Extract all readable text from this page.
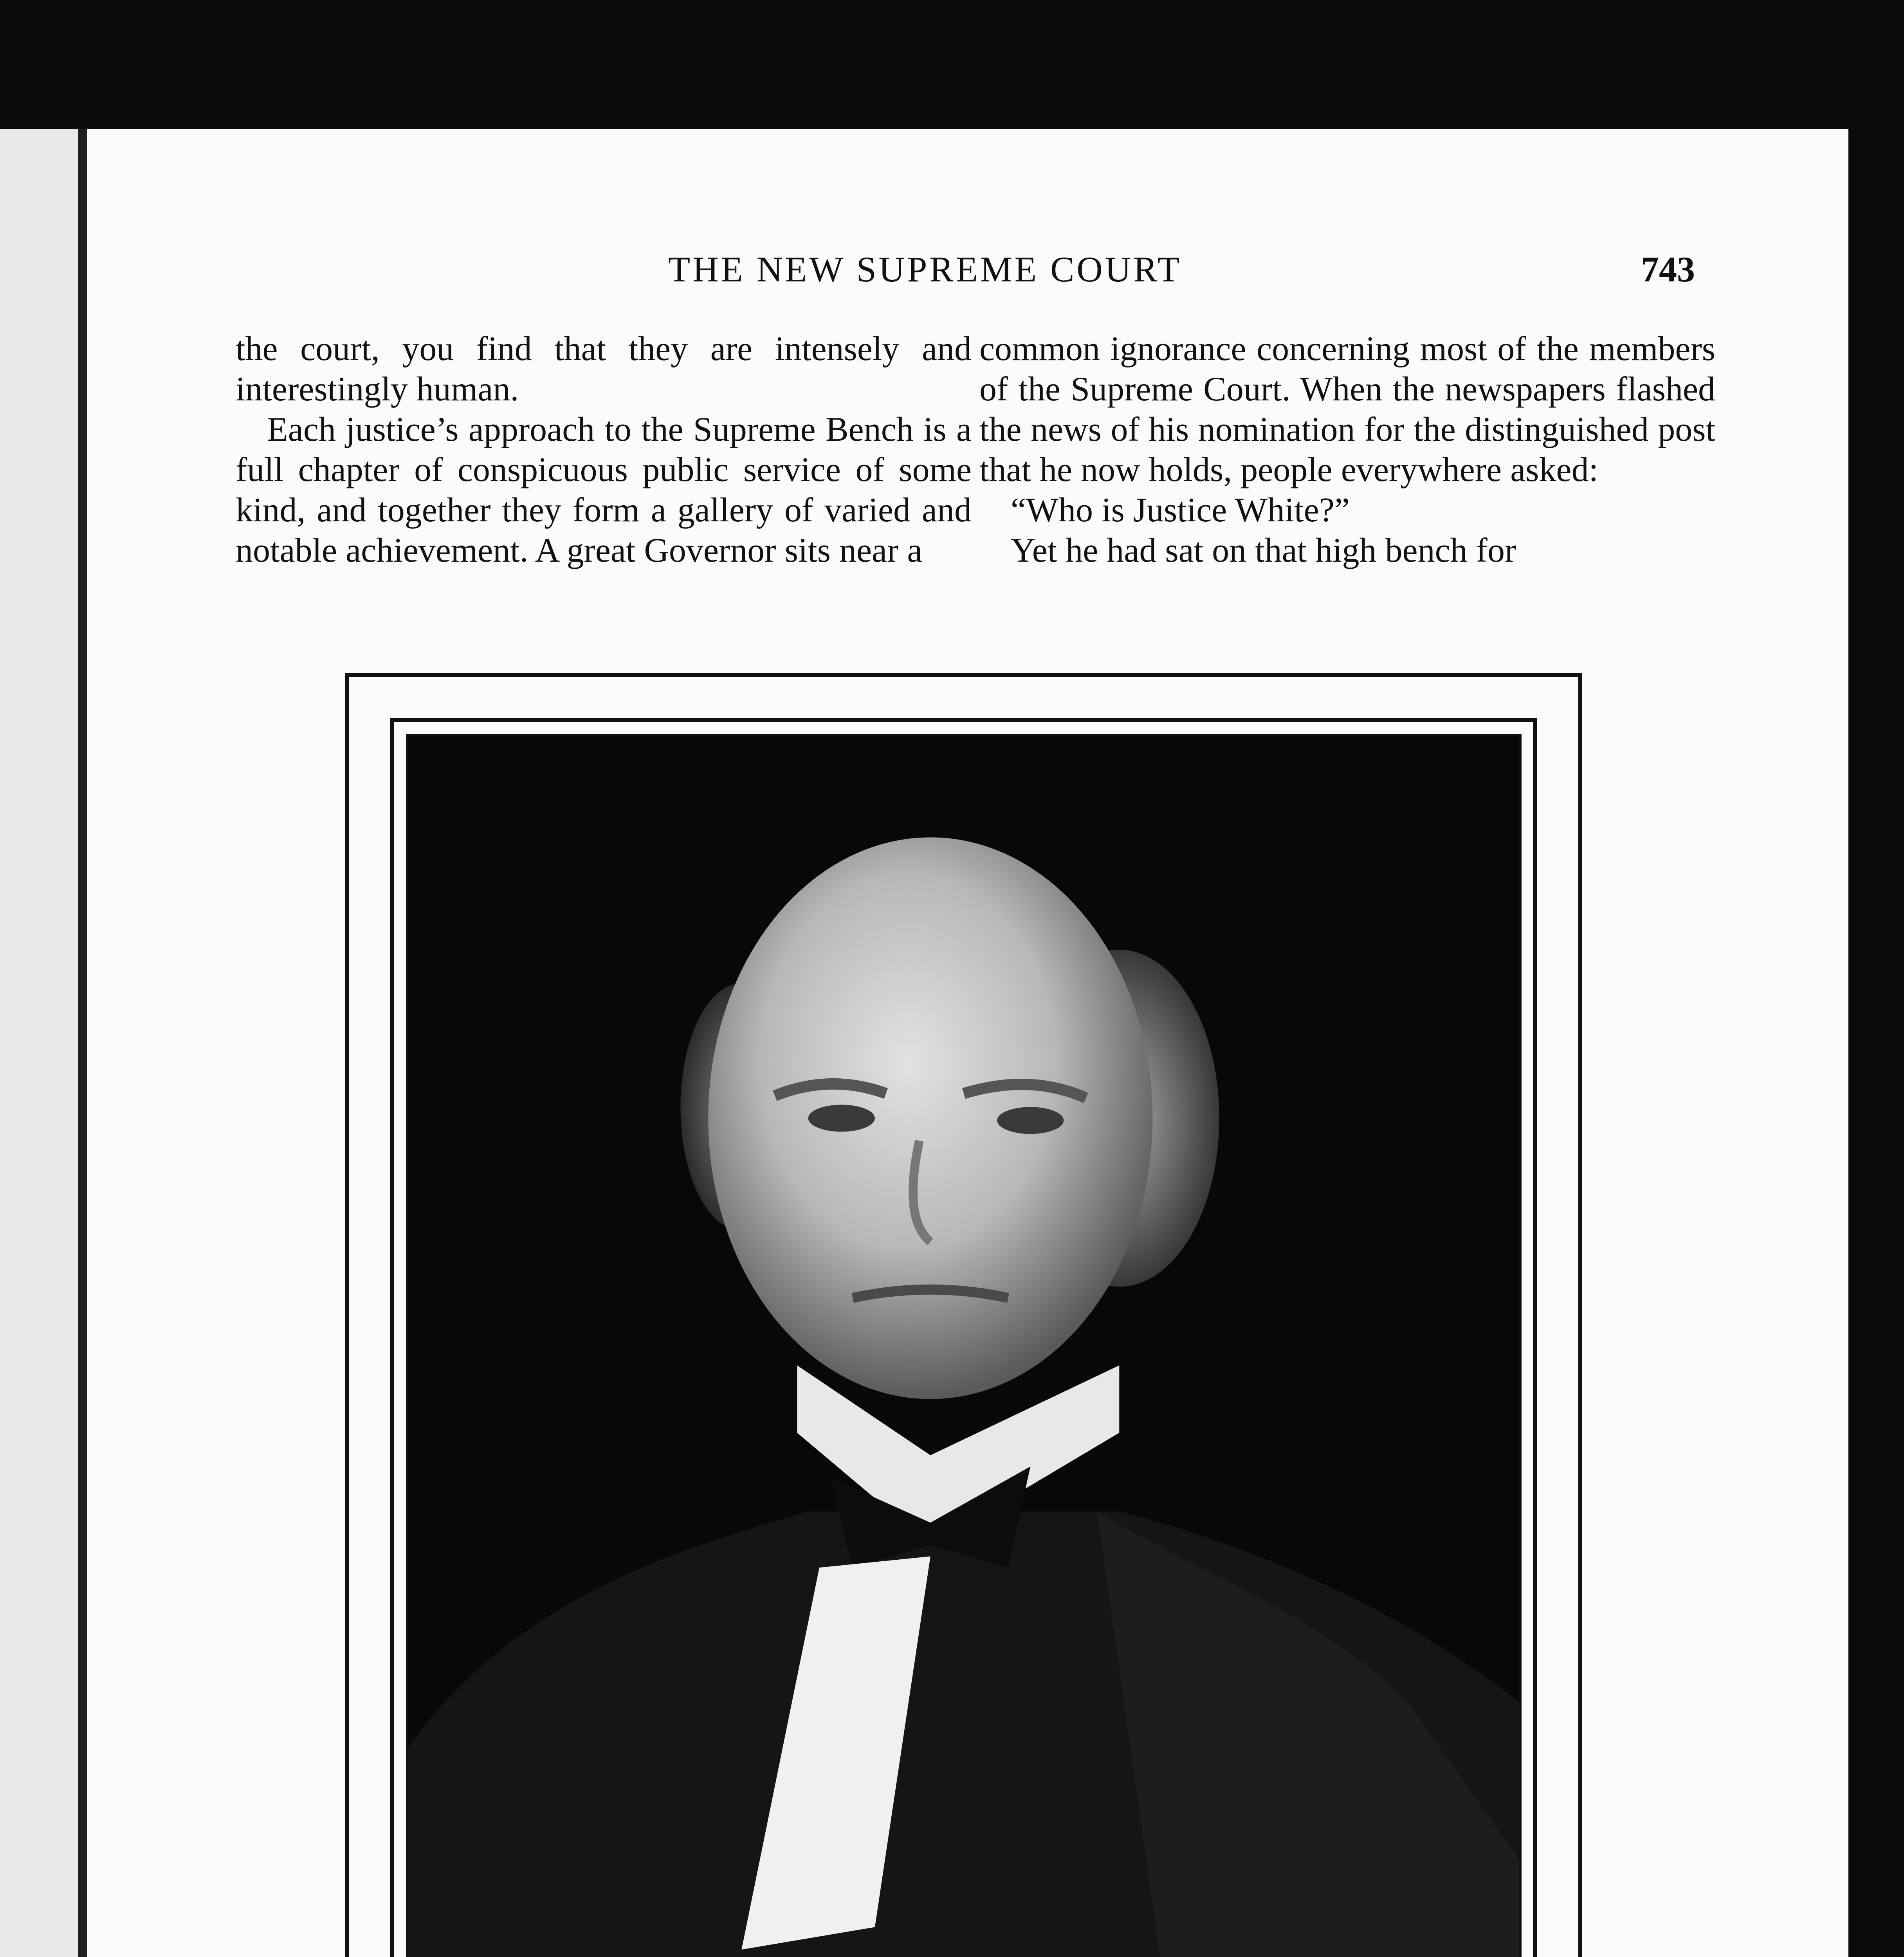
THE NEW SUPREME COURT	743

the court, you find that they are intensely and interestingly human.

Each justice’s approach to the Supreme Bench is a full chapter of conspicuous public service of some kind, and together they form a gallery of varied and notable achievement. A great Governor sits near a

common ignorance concerning most of the members of the Supreme Court. When the newspapers flashed the news of his nomination for the distinguished post that he now holds, people everywhere asked:

“Who is Justice White?”

Yet he had sat on that high bench for
